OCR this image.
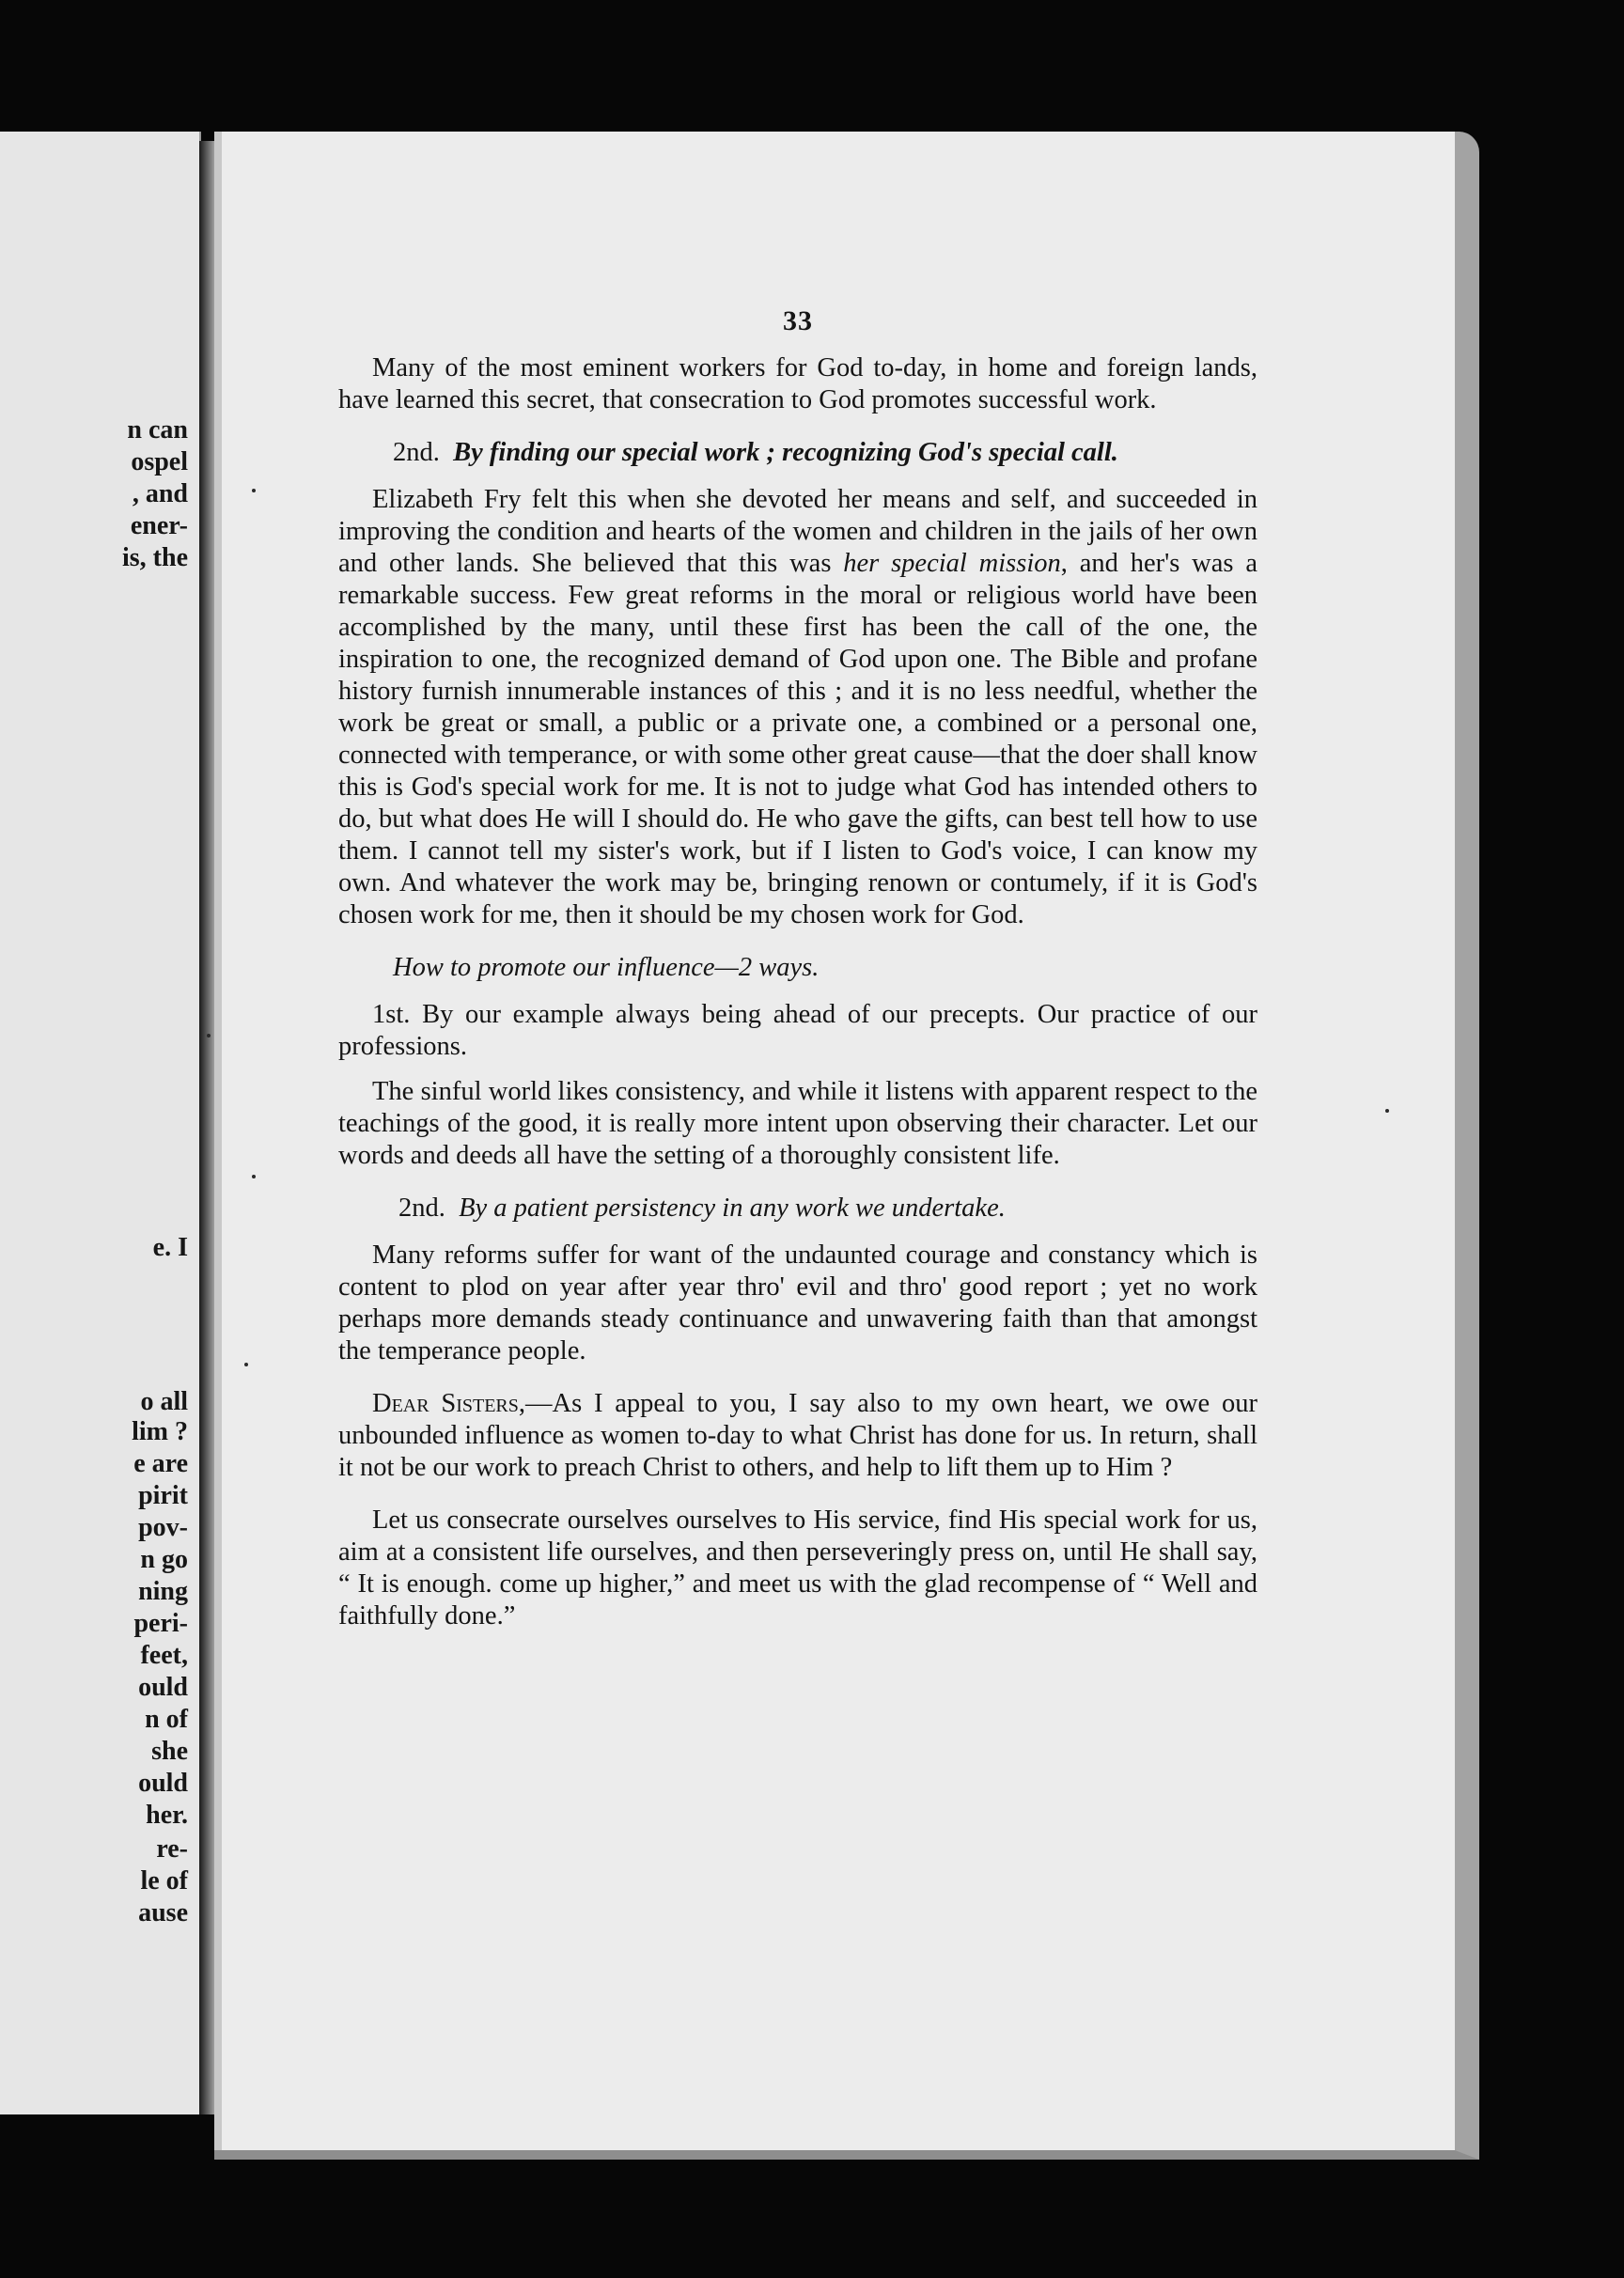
n can
ospel
, and
ener-
is, the
e. I
o all
lim ?
e are
pirit
pov-
n go
ning
peri-
feet,
ould
n of
she
ould
her.
re-
le of
ause
33

Many of the most eminent workers for God to-day, in home and foreign lands, have learned this secret, that consecration to God promotes successful work.

2nd. By finding our special work ; recognizing God's special call.

Elizabeth Fry felt this when she devoted her means and self, and succeeded in improving the condition and hearts of the women and children in the jails of her own and other lands. She believed that this was her special mission, and her's was a remarkable success. Few great reforms in the moral or religious world have been accomplished by the many, until these first has been the call of the one, the inspiration to one, the recognized demand of God upon one. The Bible and profane history furnish innumerable instances of this ; and it is no less needful, whether the work be great or small, a public or a private one, a combined or a personal one, connected with temperance, or with some other great cause—that the doer shall know this is God's special work for me. It is not to judge what God has intended others to do, but what does He will I should do. He who gave the gifts, can best tell how to use them. I cannot tell my sister's work, but if I listen to God's voice, I can know my own. And whatever the work may be, bringing renown or contumely, if it is God's chosen work for me, then it should be my chosen work for God.

How to promote our influence—2 ways.

1st. By our example always being ahead of our precepts. Our practice of our professions.

The sinful world likes consistency, and while it listens with apparent respect to the teachings of the good, it is really more intent upon observing their character. Let our words and deeds all have the setting of a thoroughly consistent life.

2nd. By a patient persistency in any work we undertake.

Many reforms suffer for want of the undaunted courage and constancy which is content to plod on year after year thro' evil and thro' good report ; yet no work perhaps more demands steady continuance and unwavering faith than that amongst the temperance people.

Dear Sisters,—As I appeal to you, I say also to my own heart, we owe our unbounded influence as women to-day to what Christ has done for us. In return, shall it not be our work to preach Christ to others, and help to lift them up to Him ?

Let us consecrate ourselves ourselves to His service, find His special work for us, aim at a consistent life ourselves, and then perseveringly press on, until He shall say, “ It is enough. come up higher,” and meet us with the glad recompense of “ Well and faithfully done.”
